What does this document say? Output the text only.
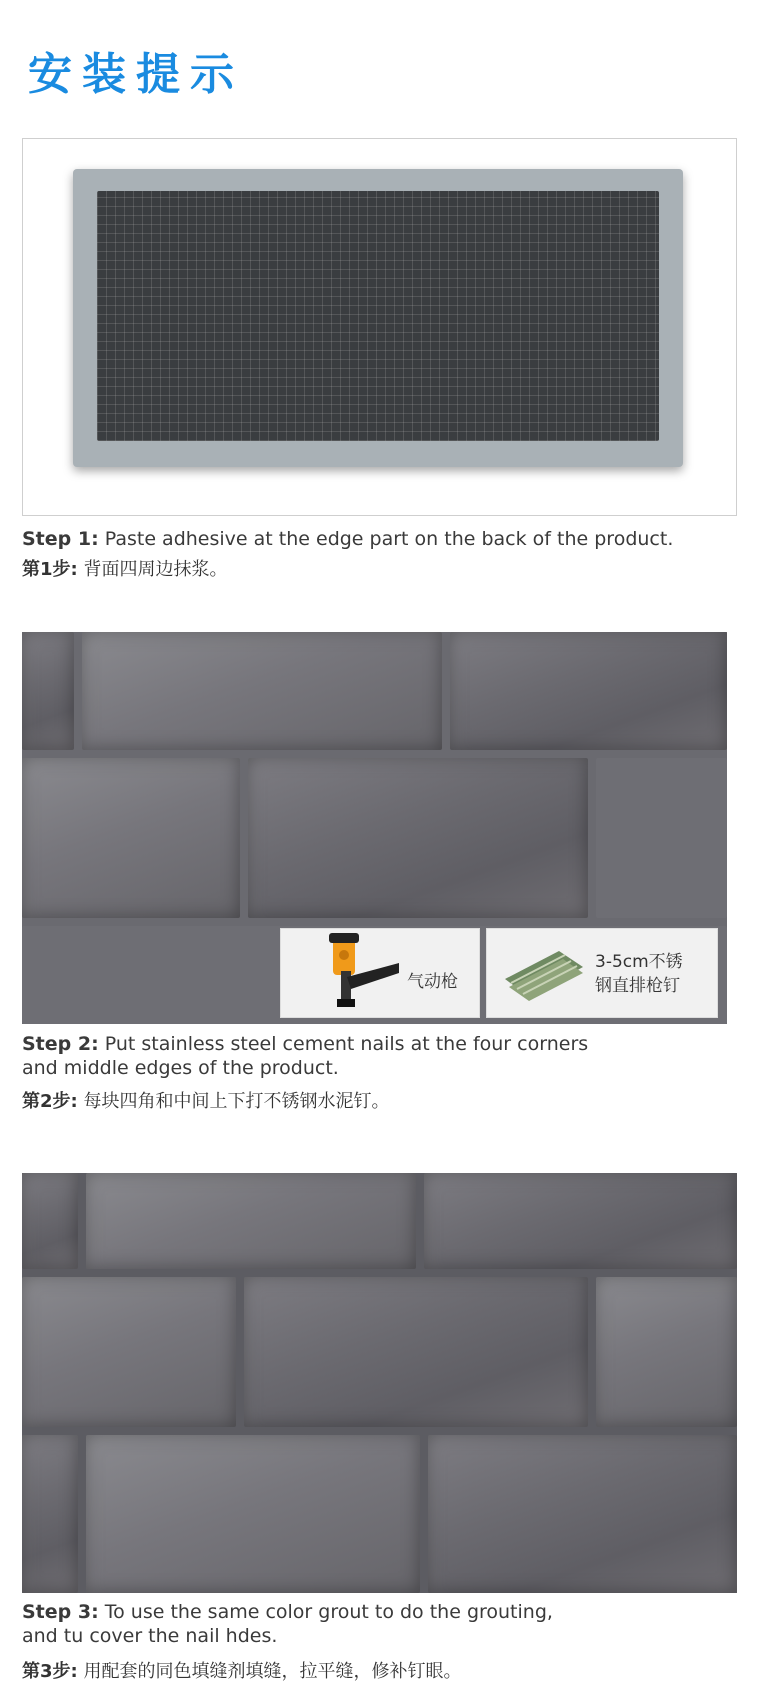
安装提示
Step 1: Paste adhesive at the edge part on the back of the product.
第1步: 背面四周边抹浆。
气动枪
3-5cm不锈
钢直排枪钉
Step 2: Put stainless steel cement nails at the four corners
and middle edges of the product.
第2步: 每块四角和中间上下打不锈钢水泥钉。
Step 3: To use the same color grout to do the grouting,
and tu cover the nail hdes.
第3步: 用配套的同色填缝剂填缝，拉平缝，修补钉眼。
